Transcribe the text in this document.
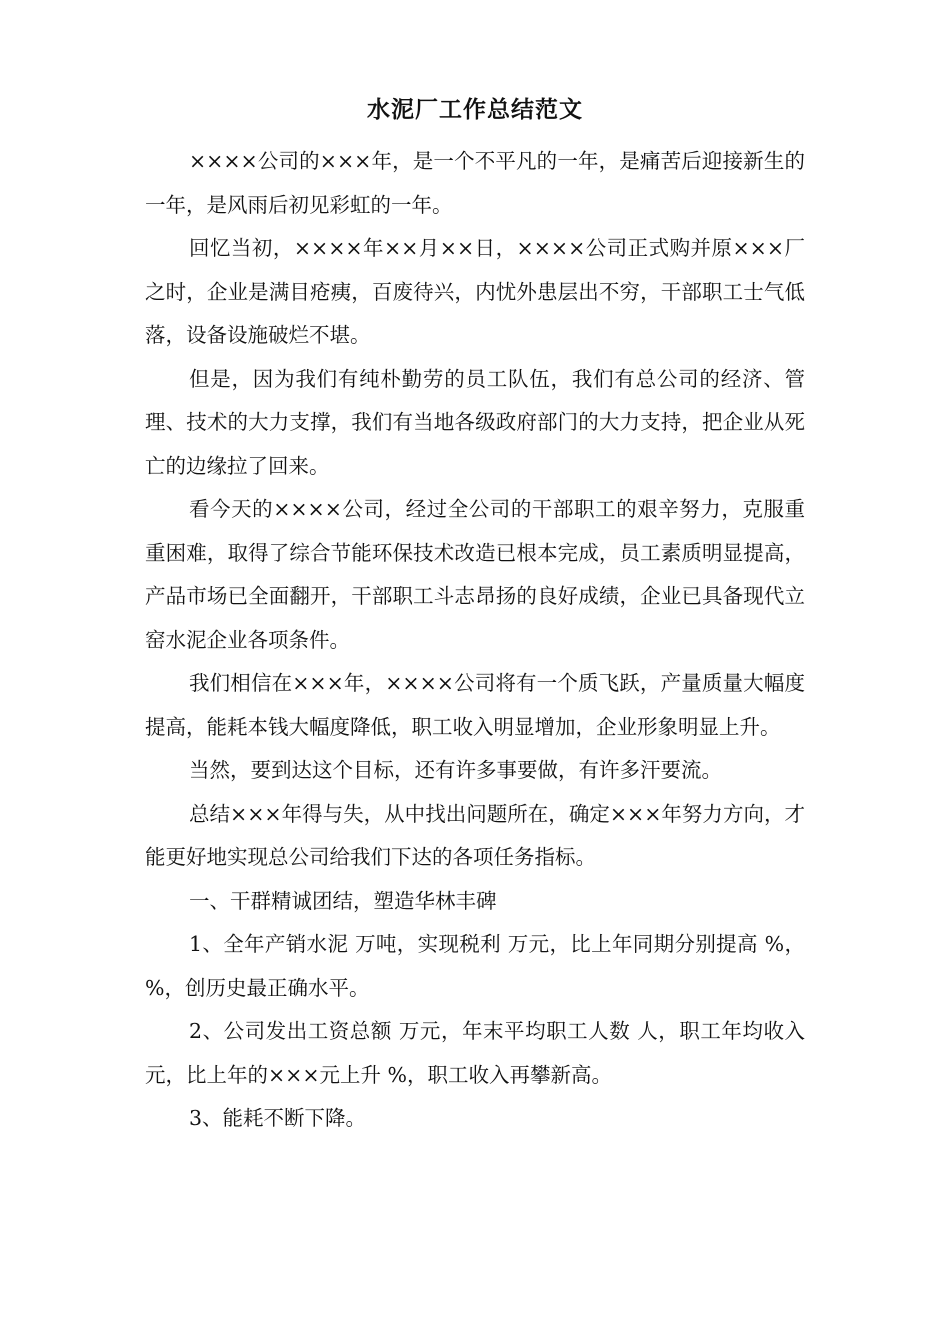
水泥厂工作总结范文

××××公司的×××年，是一个不平凡的一年，是痛苦后迎接新生的一年，是风雨后初见彩虹的一年。

回忆当初，××××年××月××日，××××公司正式购并原×××厂之时，企业是满目疮痍，百废待兴，内忧外患层出不穷，干部职工士气低落，设备设施破烂不堪。

但是，因为我们有纯朴勤劳的员工队伍，我们有总公司的经济、管理、技术的大力支撑，我们有当地各级政府部门的大力支持，把企业从死亡的边缘拉了回来。

看今天的××××公司，经过全公司的干部职工的艰辛努力，克服重重困难，取得了综合节能环保技术改造已根本完成，员工素质明显提高，产品市场已全面翻开，干部职工斗志昂扬的良好成绩，企业已具备现代立窑水泥企业各项条件。

我们相信在×××年，××××公司将有一个质飞跃，产量质量大幅度提高，能耗本钱大幅度降低，职工收入明显增加，企业形象明显上升。

当然，要到达这个目标，还有许多事要做，有许多汗要流。

总结×××年得与失，从中找出问题所在，确定×××年努力方向，才能更好地实现总公司给我们下达的各项任务指标。

一、干群精诚团结，塑造华林丰碑

1、全年产销水泥 万吨，实现税利 万元，比上年同期分别提高 %， %，创历史最正确水平。

2、公司发出工资总额 万元，年末平均职工人数 人，职工年均收入 元，比上年的×××元上升 %，职工收入再攀新高。

3、能耗不断下降。
